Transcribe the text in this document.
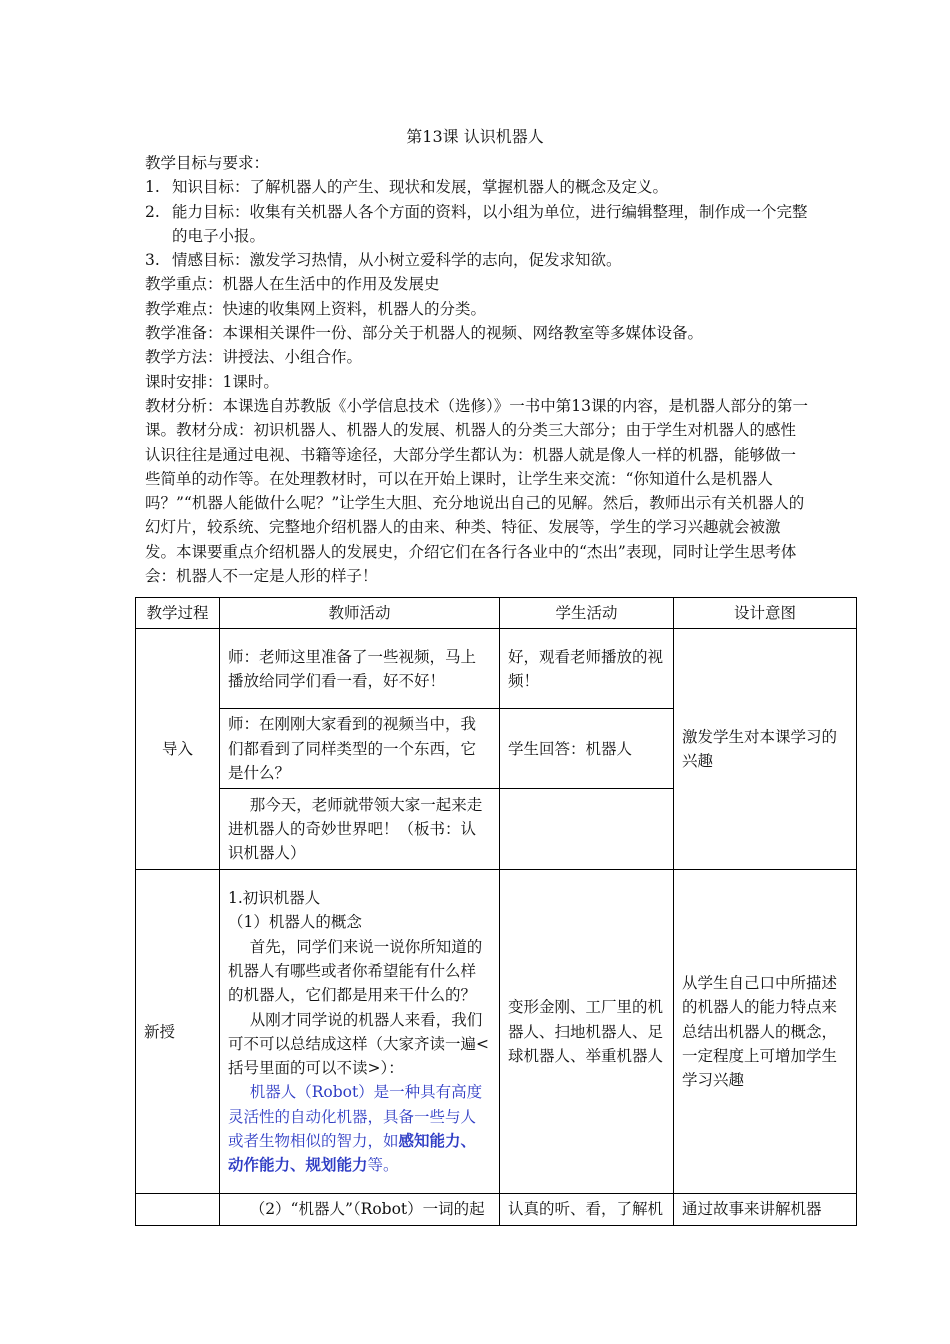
第13课 认识机器人

教学目标与要求：

1. 知识目标：了解机器人的产生、现状和发展，掌握机器人的概念及定义。
2. 能力目标：收集有关机器人各个方面的资料，以小组为单位，进行编辑整理，制作成一个完整的电子小报。
3. 情感目标：激发学习热情，从小树立爱科学的志向，促发求知欲。

教学重点：机器人在生活中的作用及发展史

教学难点：快速的收集网上资料，机器人的分类。

教学准备：本课相关课件一份、部分关于机器人的视频、网络教室等多媒体设备。

教学方法：讲授法、小组合作。

课时安排：1课时。

教材分析：本课选自苏教版《小学信息技术（选修）》一书中第13课的内容，是机器人部分的第一课。教材分成：初识机器人、机器人的发展、机器人的分类三大部分；由于学生对机器人的感性认识往往是通过电视、书籍等途径，大部分学生都认为：机器人就是像人一样的机器，能够做一些简单的动作等。在处理教材时，可以在开始上课时，让学生来交流：“你知道什么是机器人吗？”“机器人能做什么呢？”让学生大胆、充分地说出自己的见解。然后，教师出示有关机器人的幻灯片，较系统、完整地介绍机器人的由来、种类、特征、发展等，学生的学习兴趣就会被激发。本课要重点介绍机器人的发展史，介绍它们在各行各业中的“杰出”表现，同时让学生思考体会：机器人不一定是人形的样子！

教学过程	教师活动	学生活动	设计意图
导入	师：老师这里准备了一些视频，马上播放给同学们看一看，好不好！	好，观看老师播放的视频！	激发学生对本课学习的兴趣
	师：在刚刚大家看到的视频当中，我们都看到了同样类型的一个东西，它是什么？	学生回答：机器人	
	那今天，老师就带领大家一起来走进机器人的奇妙世界吧！（板书：认识机器人）		
新授	1.初识机器人

（1）机器人的概念

首先，同学们来说一说你所知道的机器人有哪些或者你希望能有什么样的机器人，它们都是用来干什么的？

从刚才同学说的机器人来看，我们可不可以总结成这样（大家齐读一遍<括号里面的可以不读>）：

机器人（Robot）是一种具有高度灵活性的自动化机器，具备一些与人或者生物相似的智力，如感知能力、动作能力、规划能力等。	变形金刚、工厂里的机器人、扫地机器人、足球机器人、举重机器人	从学生自己口中所描述的机器人的能力特点来总结出机器人的概念，一定程度上可增加学生学习兴趣
	（2）“机器人”（Robot）一词的起	认真的听、看，了解机	通过故事来讲解机器
